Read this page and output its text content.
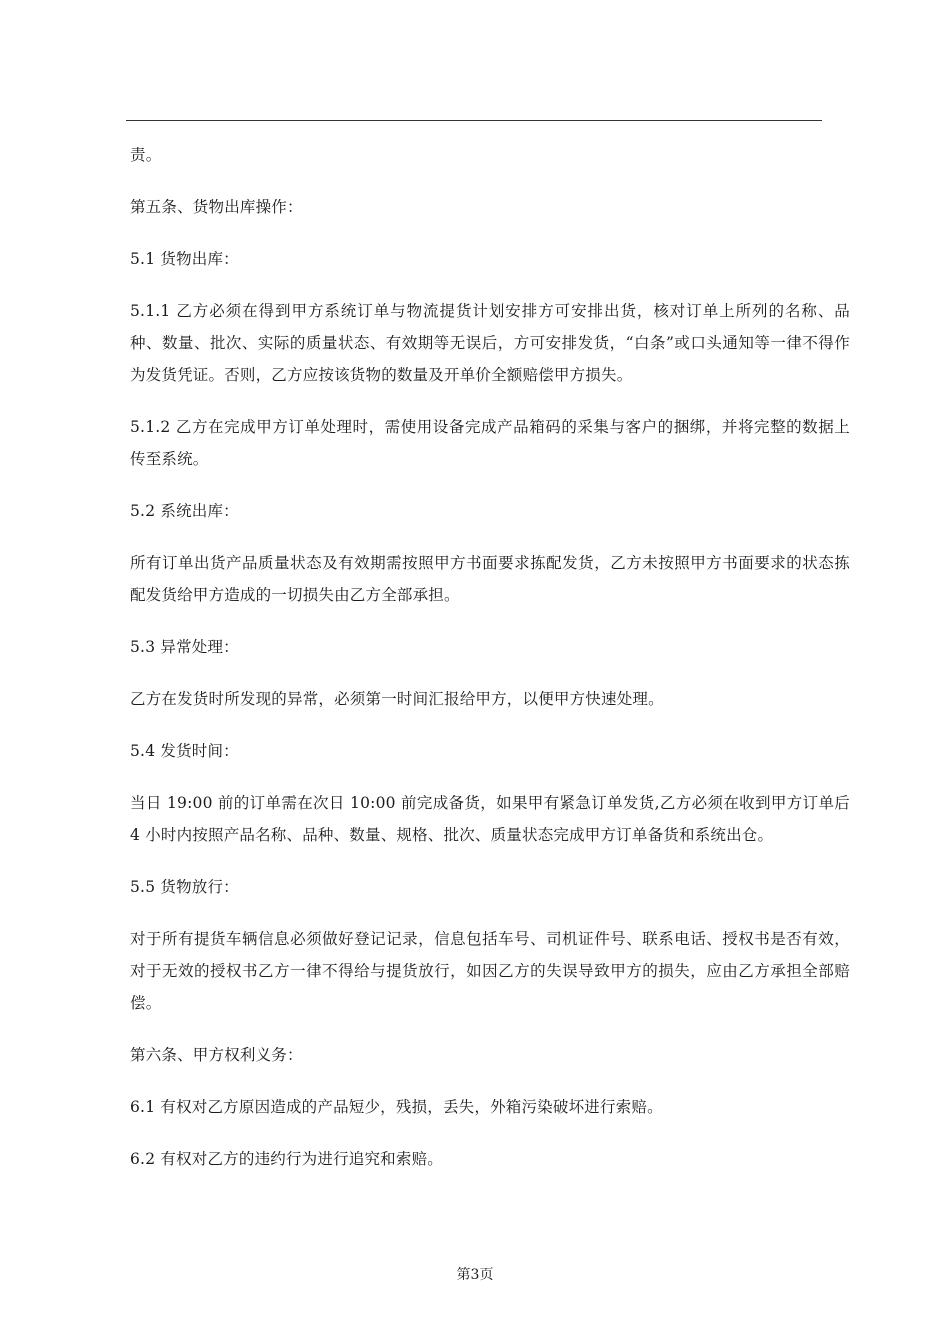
责。

第五条、货物出库操作：

5.1 货物出库：

5.1.1 乙方必须在得到甲方系统订单与物流提货计划安排方可安排出货，核对订单上所列的名称、品种、数量、批次、实际的质量状态、有效期等无误后，方可安排发货，“白条”或口头通知等一律不得作为发货凭证。否则，乙方应按该货物的数量及开单价全额赔偿甲方损失。

5.1.2 乙方在完成甲方订单处理时，需使用设备完成产品箱码的采集与客户的捆绑，并将完整的数据上传至系统。

5.2 系统出库：

所有订单出货产品质量状态及有效期需按照甲方书面要求拣配发货，乙方未按照甲方书面要求的状态拣配发货给甲方造成的一切损失由乙方全部承担。

5.3 异常处理：

乙方在发货时所发现的异常，必须第一时间汇报给甲方，以便甲方快速处理。

5.4 发货时间：

当日 19:00 前的订单需在次日 10:00 前完成备货，如果甲有紧急订单发货,乙方必须在收到甲方订单后 4 小时内按照产品名称、品种、数量、规格、批次、质量状态完成甲方订单备货和系统出仓。

5.5 货物放行：

对于所有提货车辆信息必须做好登记记录，信息包括车号、司机证件号、联系电话、授权书是否有效，对于无效的授权书乙方一律不得给与提货放行，如因乙方的失误导致甲方的损失，应由乙方承担全部赔偿。

第六条、甲方权利义务：

6.1 有权对乙方原因造成的产品短少，残损，丢失，外箱污染破坏进行索赔。

6.2 有权对乙方的违约行为进行追究和索赔。

第3页
